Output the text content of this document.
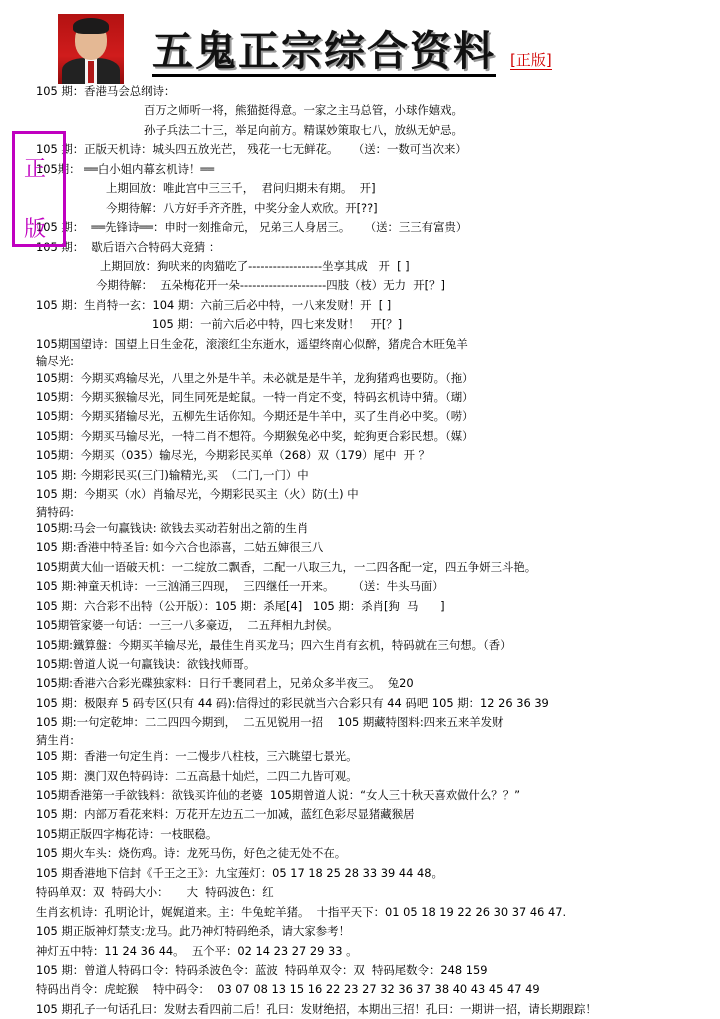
五鬼正宗综合资料 [正版]
正
版
105 期：香港马会总纲诗：
百万之师听一将，熊猫挺得意。一家之主马总管，小球作嬉戏。
孙子兵法二十三，举足向前方。精谋妙策取七八，放纵无妒忌。
105 期：正版天机诗：城头四五放光芒， 残花一七无鲜花。    （送：一数可当次来）
105期： ══白小姐内幕玄机诗！══
上期回放：唯此宫中三三千，  君问归期未有期。  开]
今期待解：八方好手齐齐胜，中奖分金人欢欣。开[??]
105 期：  ══先锋诗══：申时一刻推命元， 兄弟三人身居三。    （送：三三有富贵）
105 期：  歇后语六合特码大竞猜 ：
上期回放：狗吠来的肉猫吃了------------------坐享其成   开  [ ]
今期待解：  五朵梅花开一朵---------------------四肢（枝）无力  开[？]
105 期：生肖特一玄：104 期：六前三后必中特，一八来发财！开  [ ]
105 期：一前六后必中特，四七来发财！   开[？]
105期国望诗：国望上日生金花，滚滚红尘东逝水，遥望终南心似醉，猪虎合木旺兔羊
输尽光:
105期：今期买鸡输尽光，八里之外是牛羊。未必就是是牛羊，龙狗猪鸡也要防。（拖）
105期：今期买猴输尽光，同生同死是蛇鼠。一特一肖定不变，特码玄机诗中猜。（瑚）
105期：今期买猪输尽光，五柳先生话你知。今期还是牛羊中，买了生肖必中奖。（唠）
105期：今期买马输尽光，一特二肖不想符。今期猴兔必中奖，蛇狗更合彩民想。（媒）
105期：今期买（035）输尽光，今期彩民买单（268）双（179）尾中  开 ？
105 期: 今期彩民买(三门)输精光,买  （二门,一门）中
105 期：今期买（水）肖输尽光，今期彩民买主（火）防(土) 中
猜特码:
105期:马会一句赢钱诀: 欲钱去买动若射出之箭的生肖
105 期:香港中特圣旨: 如今六合也添喜，二姑五婶很三八
105期黄大仙一语破天机：一二绽放二飘香，二配一八取三九，一二四各配一定，四五争妍三斗艳。
105 期:神童天机诗：一三汹涌三四现，  三四继任一开来。     （送：牛头马面）
105 期：六合彩不出特（公开版）：105 期：杀尾[4]   105 期：杀肖[狗  马      ]
105期管家婆一句话：一三一八多豪迈，  二五拜相九封侯。
105期:鐵算盤：今期买羊输尽光，最佳生肖买龙马；四六生肖有玄机，特码就在三句想。（香）
105期:曾道人说一句赢钱诀：欲钱找师哥。
105期:香港六合彩光碟独家料：日行千裹同君上，兄弟众多半夜三。  兔20
105 期：极限弃 5 码专区(只有 44 码):信得过的彩民就当六合彩只有 44 码吧 105 期：12 26 36 39
105 期:一句定乾坤：二二四四今期到，  二五见锐用一招    105 期藏特图料:四来五来羊发财
猜生肖:
105 期：香港一句定生肖：一二慢步八柱枝，三六眺望七景光。
105 期：澳门双色特码诗：二五高悬十灿烂，二四二九皆可观。
105期香港第一手欲钱料：欲钱买许仙的老婆  105期曾道人说：“女人三十秋天喜欢做什么？？”
105 期：内部万看花来料：万花开左边五二一加减，蓝红色彩尽显猪藏猴居
105期正版四字梅花诗：一枝眠稳。
105 期火车头：烧伤鸡。诗：龙死马伤，好色之徒无处不在。
105 期香港地下信封《千王之王》：九宝莲灯：05 17 18 25 28 33 39 44 48。
特码单双：双  特码大小：     大  特码波色：红
生肖玄机诗：孔明论计，娓娓道来。主：牛兔蛇羊猪。  十指平天下：01 05 18 19 22 26 30 37 46 47.
105 期正版神灯禁支:龙马。此乃神灯特码绝杀，请大家参考！
神灯五中特：11 24 36 44。  五个平：02 14 23 27 29 33 。
105 期：曾道人特码口令：特码杀波色令：蓝波  特码单双令：双  特码尾数令：248 159
特码出肖令：虎蛇猴    特中码令：  03 07 08 13 15 16 22 23 27 32 36 37 38 40 43 45 47 49
105 期孔子一句话孔曰：发财去看四前二后！孔曰：发财绝招，本期出三招！孔曰：一期讲一招，请长期跟踪！
